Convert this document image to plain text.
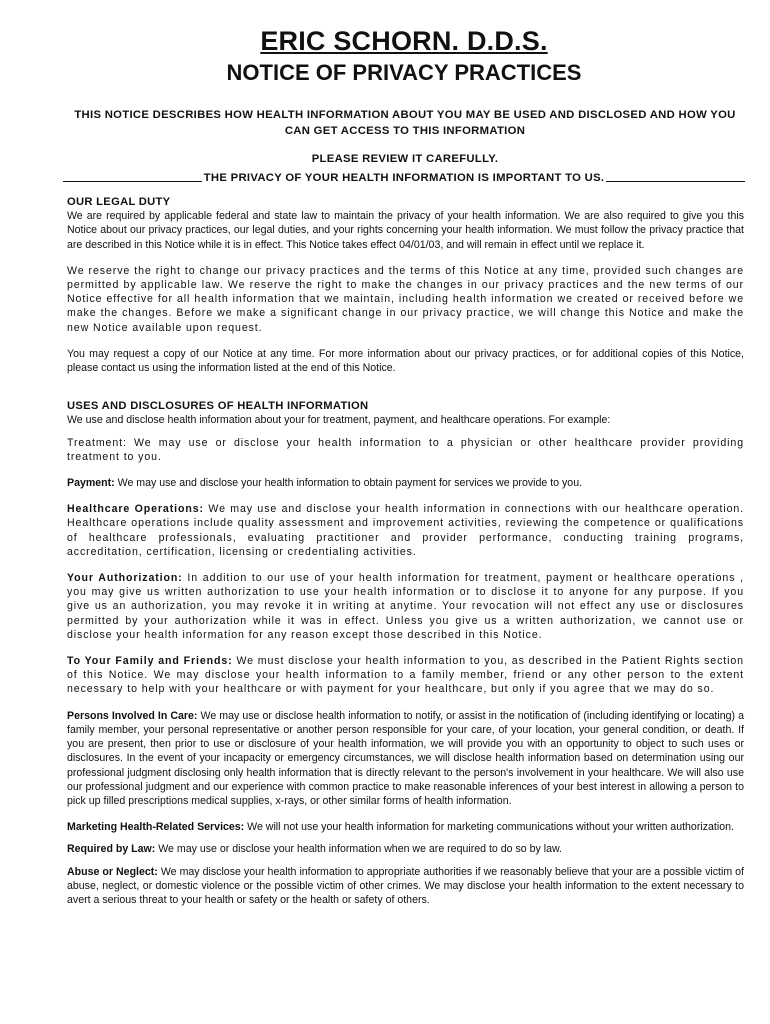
ERIC SCHORN. D.D.S.
NOTICE OF PRIVACY PRACTICES
THIS NOTICE DESCRIBES HOW HEALTH INFORMATION ABOUT YOU MAY BE USED AND DISCLOSED AND HOW YOU CAN GET ACCESS TO THIS INFORMATION
PLEASE REVIEW IT CAREFULLY.
THE PRIVACY OF YOUR HEALTH INFORMATION IS IMPORTANT TO US.
OUR LEGAL DUTY

We are required by applicable federal and state law to maintain the privacy of your health information. We are also required to give you this Notice about our privacy practices, our legal duties, and your rights concerning your health information. We must follow the privacy practice that are described in this Notice while it is in effect. This Notice takes effect 04/01/03, and will remain in effect until we replace it.

We reserve the right to change our privacy practices and the terms of this Notice at any time, provided such changes are permitted by applicable law. We reserve the right to make the changes in our privacy practices and the new terms of our Notice effective for all health information that we maintain, including health information we created or received before we make the changes. Before we make a significant change in our privacy practice, we will change this Notice and make the new Notice available upon request.

You may request a copy of our Notice at any time. For more information about our privacy practices, or for additional copies of this Notice, please contact us using the information listed at the end of this Notice.

USES AND DISCLOSURES OF HEALTH INFORMATION

We use and disclose health information about your for treatment, payment, and healthcare operations. For example:

Treatment: We may use or disclose your health information to a physician or other healthcare provider providing treatment to you.

Payment: We may use and disclose your health information to obtain payment for services we provide to you.

Healthcare Operations: We may use and disclose your health information in connections with our healthcare operation. Healthcare operations include quality assessment and improvement activities, reviewing the competence or qualifications of healthcare professionals, evaluating practitioner and provider performance, conducting training programs, accreditation, certification, licensing or credentialing activities.

Your Authorization: In addition to our use of your health information for treatment, payment or healthcare operations , you may give us written authorization to use your health information or to disclose it to anyone for any purpose. If you give us an authorization, you may revoke it in writing at anytime. Your revocation will not effect any use or disclosures permitted by your authorization while it was in effect. Unless you give us a written authorization, we cannot use or disclose your health information for any reason except those described in this Notice.

To Your Family and Friends: We must disclose your health information to you, as described in the Patient Rights section of this Notice. We may disclose your health information to a family member, friend or any other person to the extent necessary to help with your healthcare or with payment for your healthcare, but only if you agree that we may do so.

Persons Involved In Care: We may use or disclose health information to notify, or assist in the notification of (including identifying or locating) a family member, your personal representative or another person responsible for your care, of your location, your general condition, or death. If you are present, then prior to use or disclosure of your health information, we will provide you with an opportunity to object to such uses or disclosures. In the event of your incapacity or emergency circumstances, we will disclose health information based on determination using our professional judgment disclosing only health information that is directly relevant to the person's involvement in your healthcare. We will also use our professional judgment and our experience with common practice to make reasonable inferences of your best interest in allowing a person to pick up filled prescriptions medical supplies, x-rays, or other similar forms of health information.

Marketing Health-Related Services: We will not use your health information for marketing communications without your written authorization.

Required by Law: We may use or disclose your health information when we are required to do so by law.

Abuse or Neglect: We may disclose your health information to appropriate authorities if we reasonably believe that your are a possible victim of abuse, neglect, or domestic violence or the possible victim of other crimes. We may disclose your health information to the extent necessary to avert a serious threat to your health or safety or the health or safety of others.
